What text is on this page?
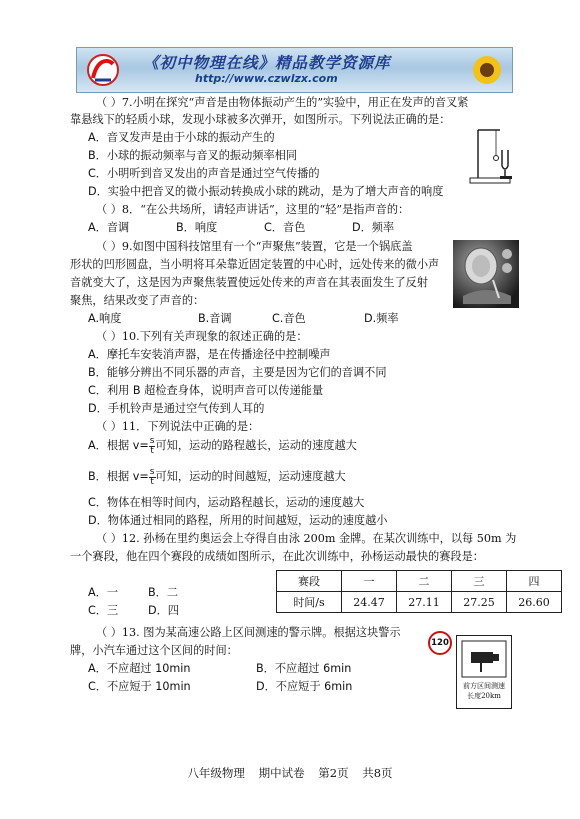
《初中物理在线》精品教学资源库
http://www.czwlzx.com
（ ）7.小明在探究“声音是由物体振动产生的”实验中，用正在发声的音叉紧
靠悬线下的轻质小球，发现小球被多次弹开，如图所示。下列说法正确的是：
A．音叉发声是由于小球的振动产生的
B．小球的振动频率与音叉的振动频率相同
C．小明听到音叉发出的声音是通过空气传播的
D．实验中把音叉的微小振动转换成小球的跳动，是为了增大声音的响度
（ ）8．“在公共场所，请轻声讲话”，这里的“轻”是指声音的：
A．音调	B．响度	C．音色	D．频率
（ ）9.如图中国科技馆里有一个“声聚焦”装置，它是一个锅底盖
形状的凹形圆盘，当小明将耳朵靠近固定装置的中心时，远处传来的微小声
音就变大了，这是因为声聚焦装置使远处传来的声音在其表面发生了反射
聚焦，结果改变了声音的：
A.响度	B.音调	C.音色	D.频率
（ ）10.下列有关声现象的叙述正确的是：
A．摩托车安装消声器，是在传播途径中控制噪声
B．能够分辨出不同乐器的声音，主要是因为它们的音调不同
C．利用 B 超检查身体，说明声音可以传递能量
D．手机铃声是通过空气传到人耳的
（ ）11．下列说法中正确的是：
A．根据 $v= \frac{s}{t}$ 可知，运动的路程越长，运动的速度越大
B．根据 $v= \frac{s}{t}$ 可知，运动的时间越短，运动速度越大
C．物体在相等时间内，运动路程越长，运动的速度越大
D．物体通过相同的路程，所用的时间越短，运动的速度越小
（ ）12. 孙杨在里约奥运会上夺得自由泳 200m 金牌。在某次训练中，以每 50m 为
一个赛段，他在四个赛段的成绩如图所示，在此次训练中，孙杨运动最快的赛段是：
A．一	B．二
C．三	D．四
赛段	一	二	三	四
时间/s	24.47	27.11	27.25	26.60
（ ）13. 图为某高速公路上区间测速的警示牌。根据这块警示
牌，小汽车通过这个区间的时间：
A．不应超过 10min	B．不应超过 6min
C．不应短于 10min	D．不应短于 6min
120
前方区间测速
长度20km
八年级物理 期中试卷 第2页 共8页
